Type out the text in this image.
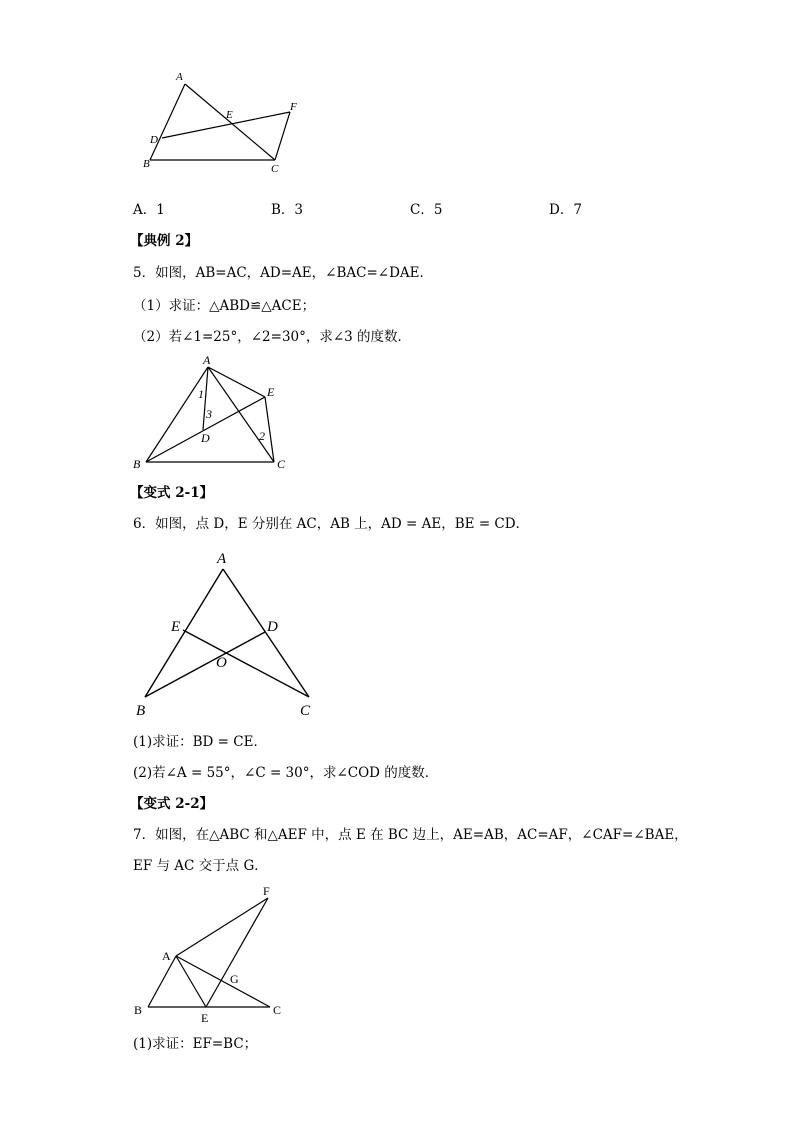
A
B	C
D
E
F
A
B	C
D
E
1
2
3
A
B	C
D
E
O
F
A
G
B	C
E
A．1	B．3	C．5	D．7
【典例 2】
5．如图，AB=AC，AD=AE，∠BAC=∠DAE．
（1）求证：△ABD≌△ACE；
（2）若∠1=25°，∠2=30°，求∠3 的度数．
【变式 2-1】
6．如图，点 D，E 分别在 AC，AB 上，AD = AE，BE = CD．
(1)求证：BD = CE．
(2)若∠A = 55°，∠C = 30°，求∠COD 的度数．
【变式 2-2】
7．如图，在△ABC 和△AEF 中，点 E 在 BC 边上，AE=AB，AC=AF，∠CAF=∠BAE，
EF 与 AC 交于点 G．
(1)求证：EF=BC；
